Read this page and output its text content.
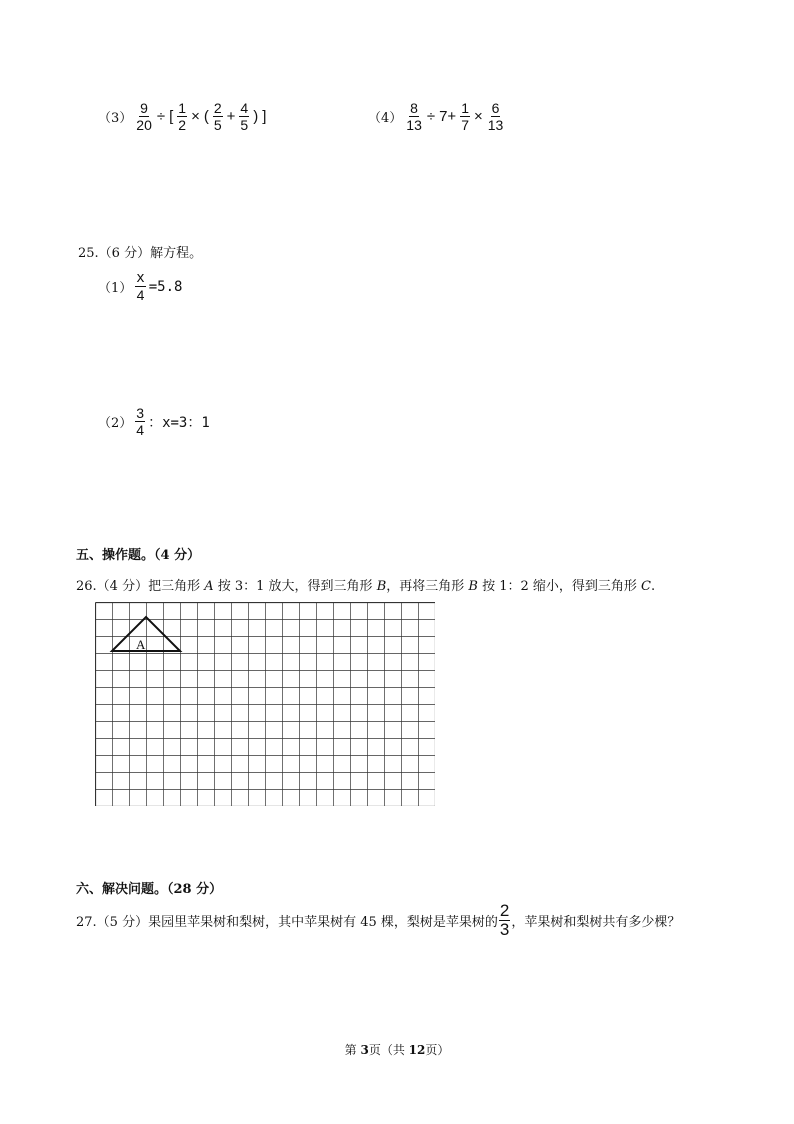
$(3) \frac{9}{20}$ ÷ [ $\frac{1}{2}$ × ( $\frac{2}{5} + \frac{4}{5}$ ) ]	$(4) \frac{8}{13} \div 7+ \frac{1}{7} \times \frac{6}{13}$
25.（6 分）解方程。
$(1) \frac{x}{4} =5.8$
$(2) \frac{3}{4}$ ：x=3：1
五、操作题。（4 分）
26.（4 分）把三角形 A 按 3：1 放大，得到三角形 B，再将三角形 B 按 1：2 缩小，得到三角形 C.
A
六、解决问题。（28 分）
27.（5 分）果园里苹果树和梨树，其中苹果树有 45 棵，梨树是苹果树的 $\frac{2}{3}$ ，苹果树和梨树共有多少棵？
第 3页（共 12页）
